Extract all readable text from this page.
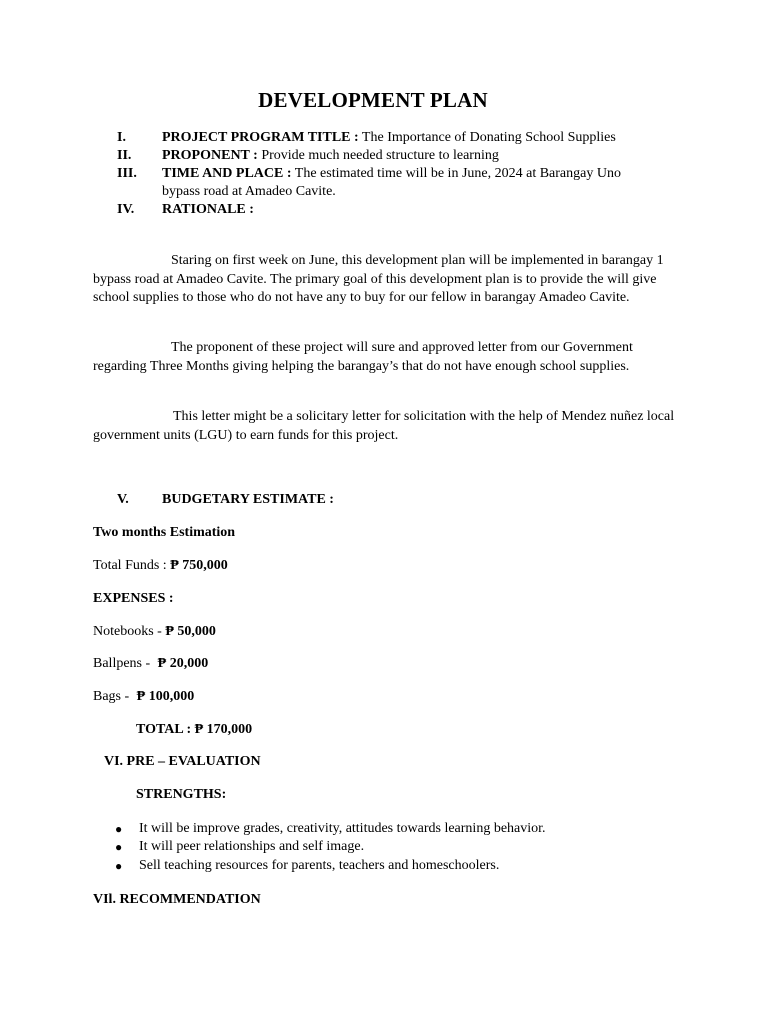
DEVELOPMENT PLAN
I.	PROJECT PROGRAM TITLE : The Importance of Donating School Supplies
II. PROPONENT : Provide much needed structure to learning
III. TIME AND PLACE : The estimated time will be in June, 2024 at Barangay Uno
bypass road at Amadeo Cavite.
IV. RATIONALE :
Staring on first week on June, this development plan will be implemented in barangay 1 bypass road at Amadeo Cavite. The primary goal of this development plan is to provide the will give school supplies to those who do not have any to buy for our fellow in barangay Amadeo Cavite.
The proponent of these project will sure and approved letter from our Government regarding Three Months giving helping the barangay’s that do not have enough school supplies.
This letter might be a solicitary letter for solicitation with the help of Mendez nuñez local government units (LGU) to earn funds for this project.
V. BUDGETARY ESTIMATE :
Two months Estimation
Total Funds : ₱ 750,000
EXPENSES :
Notebooks - ₱ 50,000
Ballpens - ₱ 20,000
Bags - ₱ 100,000
TOTAL : ₱ 170,000
VI. PRE – EVALUATION
STRENGTHS:
● It will be improve grades, creativity, attitudes towards learning behavior.
● It will peer relationships and self image.
● Sell teaching resources for parents, teachers and homeschoolers.
VIl. RECOMMENDATION
